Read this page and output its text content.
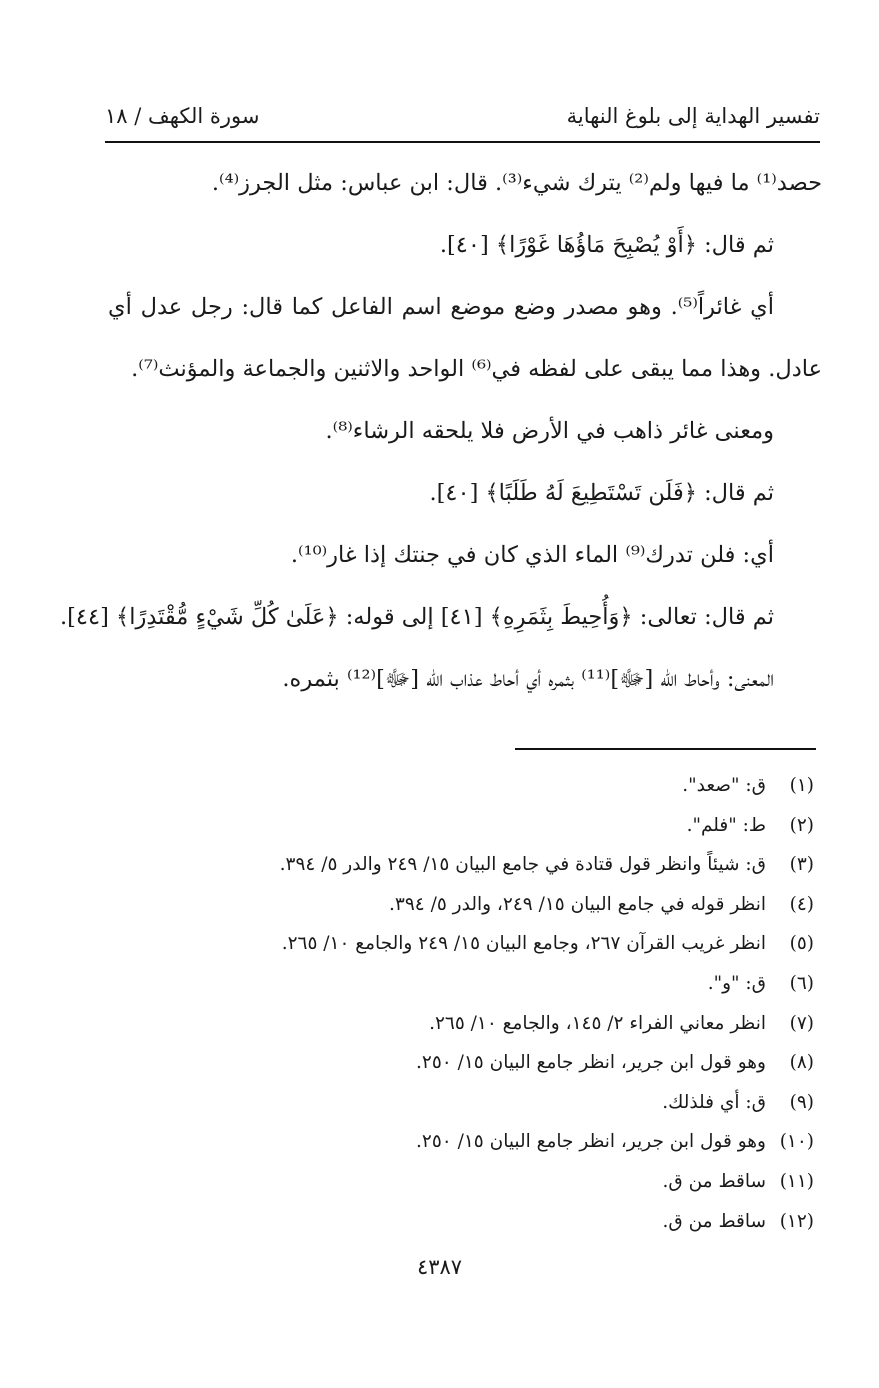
تفسير الهداية إلى بلوغ النهاية
سورة الكهف / ١٨

حصد⁽¹⁾ ما فيها ولم⁽²⁾ يترك شيء⁽³⁾. قال: ابن عباس: مثل الجرز⁽⁴⁾.

ثم قال: ﴿أَوْ يُصْبِحَ مَاؤُهَا غَوْرًا﴾ [٤٠].

أي غائراً⁽⁵⁾. وهو مصدر وضع موضع اسم الفاعل كما قال: رجل عدل أي

عادل. وهذا مما يبقى على لفظه في⁽⁶⁾ الواحد والاثنين والجماعة والمؤنث⁽⁷⁾.

ومعنى غائر ذاهب في الأرض فلا يلحقه الرشاء⁽⁸⁾.

ثم قال: ﴿فَلَن تَسْتَطِيعَ لَهُ طَلَبًا﴾ [٤٠].

أي: فلن تدرك⁽⁹⁾ الماء الذي كان في جنتك إذا غار⁽¹⁰⁾.

ثم قال: تعالى: ﴿وَأُحِيطَ بِثَمَرِهِ﴾ [٤١] إلى قوله: ﴿عَلَىٰ كُلِّ شَيْءٍ مُّقْتَدِرًا﴾ [٤٤].

المعنى: وأحاط الله [ﷻ]⁽¹¹⁾ بثمره أي أحاط عذاب الله [ﷻ]⁽¹²⁾ بثمره.

(١)
ق: "صعد".
(٢)
ط: "فلم".
(٣)
ق: شيئاً وانظر قول قتادة في جامع البيان ١٥/ ٢٤٩ والدر ٥/ ٣٩٤.
(٤)
انظر قوله في جامع البيان ١٥/ ٢٤٩، والدر ٥/ ٣٩٤.
(٥)
انظر غريب القرآن ٢٦٧، وجامع البيان ١٥/ ٢٤٩ والجامع ١٠/ ٢٦٥.
(٦)
ق: "و".
(٧)
انظر معاني الفراء ٢/ ١٤٥، والجامع ١٠/ ٢٦٥.
(٨)
وهو قول ابن جرير، انظر جامع البيان ١٥/ ٢٥٠.
(٩)
ق: أي فلذلك.
(١٠)
وهو قول ابن جرير، انظر جامع البيان ١٥/ ٢٥٠.
(١١)
ساقط من ق.
(١٢)
ساقط من ق.
٤٣٨٧
